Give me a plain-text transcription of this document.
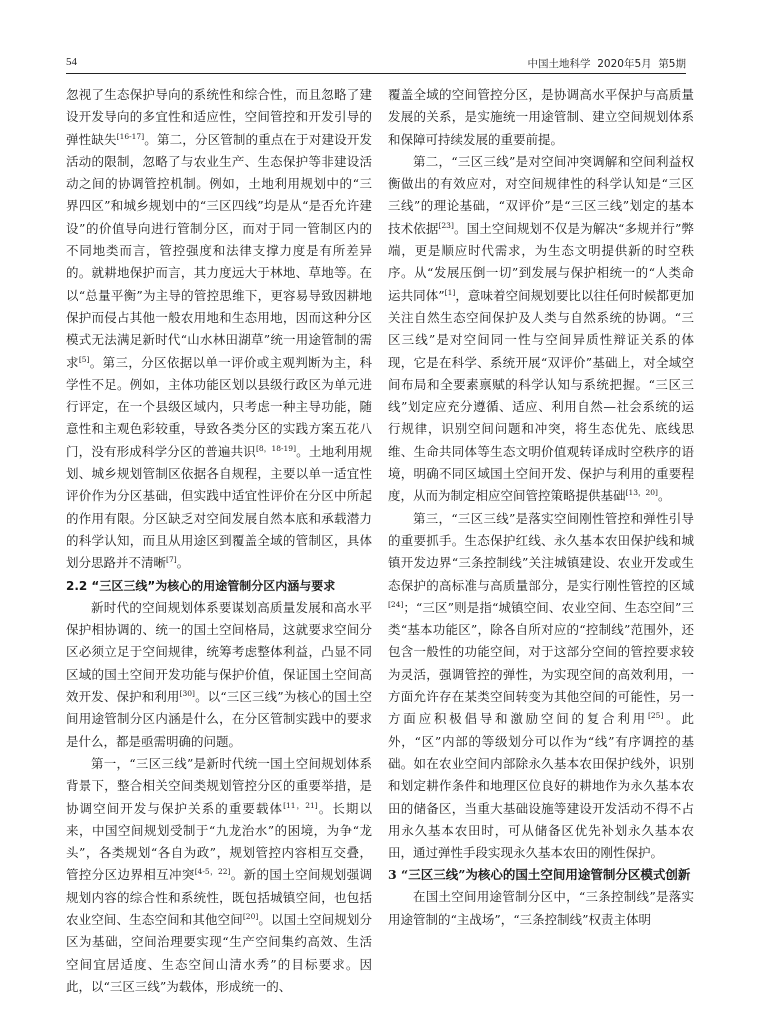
54	中国土地科学 2020年5月 第5期

忽视了生态保护导向的系统性和综合性，而且忽略了建设开发导向的多宜性和适应性，空间管控和开发引导的弹性缺失[16-17]。第二，分区管制的重点在于对建设开发活动的限制，忽略了与农业生产、生态保护等非建设活动之间的协调管控机制。例如，土地利用规划中的“三界四区”和城乡规划中的“三区四线”均是从“是否允许建设”的价值导向进行管制分区，而对于同一管制区内的不同地类而言，管控强度和法律支撑力度是有所差异的。就耕地保护而言，其力度远大于林地、草地等。在以“总量平衡”为主导的管控思维下，更容易导致因耕地保护而侵占其他一般农用地和生态用地，因而这种分区模式无法满足新时代“山水林田湖草”统一用途管制的需求[5]。第三，分区依据以单一评价或主观判断为主，科学性不足。例如，主体功能区划以县级行政区为单元进行评定，在一个县级区域内，只考虑一种主导功能，随意性和主观色彩较重，导致各类分区的实践方案五花八门，没有形成科学分区的普遍共识[8，18-19]。土地利用规划、城乡规划管制区依据各自规程，主要以单一适宜性评价作为分区基础，但实践中适宜性评价在分区中所起的作用有限。分区缺乏对空间发展自然本底和承载潜力的科学认知，而且从用途区到覆盖全域的管制区，具体划分思路并不清晰[7]。

2.2 “三区三线”为核心的用途管制分区内涵与要求

新时代的空间规划体系要谋划高质量发展和高水平保护相协调的、统一的国土空间格局，这就要求空间分区必须立足于空间规律，统筹考虑整体利益，凸显不同区域的国土空间开发功能与保护价值，保证国土空间高效开发、保护和利用[30]。以“三区三线”为核心的国土空间用途管制分区内涵是什么，在分区管制实践中的要求是什么，都是亟需明确的问题。

第一，“三区三线”是新时代统一国土空间规划体系背景下，整合相关空间类规划管控分区的重要举措，是协调空间开发与保护关系的重要载体[11，21]。长期以来，中国空间规划受制于“九龙治水”的困境，为争“龙头”，各类规划“各自为政”，规划管控内容相互交叠，管控分区边界相互冲突[4-5，22]。新的国土空间规划强调规划内容的综合性和系统性，既包括城镇空间，也包括农业空间、生态空间和其他空间[20]。以国土空间规划分区为基础，空间治理要实现“生产空间集约高效、生活空间宜居适度、生态空间山清水秀”的目标要求。因此，以“三区三线”为载体，形成统一的、

覆盖全域的空间管控分区，是协调高水平保护与高质量发展的关系，是实施统一用途管制、建立空间规划体系和保障可持续发展的重要前提。

第二，“三区三线”是对空间冲突调解和空间利益权衡做出的有效应对，对空间规律性的科学认知是“三区三线”的理论基础，“双评价”是“三区三线”划定的基本技术依据[23]。国土空间规划不仅是为解决“多规并行”弊端，更是顺应时代需求，为生态文明提供新的时空秩序。从“发展压倒一切”到发展与保护相统一的“人类命运共同体”[1]，意味着空间规划要比以往任何时候都更加关注自然生态空间保护及人类与自然系统的协调。“三区三线”是对空间同一性与空间异质性辩证关系的体现，它是在科学、系统开展“双评价”基础上，对全域空间布局和全要素禀赋的科学认知与系统把握。“三区三线”划定应充分遵循、适应、利用自然—社会系统的运行规律，识别空间问题和冲突，将生态优先、底线思维、生命共同体等生态文明价值观转译成时空秩序的语境，明确不同区域国土空间开发、保护与利用的重要程度，从而为制定相应空间管控策略提供基础[13，20]。

第三，“三区三线”是落实空间刚性管控和弹性引导的重要抓手。生态保护红线、永久基本农田保护线和城镇开发边界“三条控制线”关注城镇建设、农业开发或生态保护的高标准与高质量部分，是实行刚性管控的区域[24]；“三区”则是指“城镇空间、农业空间、生态空间”三类“基本功能区”，除各自所对应的“控制线”范围外，还包含一般性的功能空间，对于这部分空间的管控要求较为灵活，强调管控的弹性，为实现空间的高效利用，一方面允许存在某类空间转变为其他空间的可能性，另一方面应积极倡导和激励空间的复合利用[25]。此外，“区”内部的等级划分可以作为“线”有序调控的基础。如在农业空间内部除永久基本农田保护线外，识别和划定耕作条件和地理区位良好的耕地作为永久基本农田的储备区，当重大基础设施等建设开发活动不得不占用永久基本农田时，可从储备区优先补划永久基本农田，通过弹性手段实现永久基本农田的刚性保护。

3 “三区三线”为核心的国土空间用途管制分区模式创新

在国土空间用途管制分区中，“三条控制线”是落实用途管制的“主战场”，“三条控制线”权责主体明
